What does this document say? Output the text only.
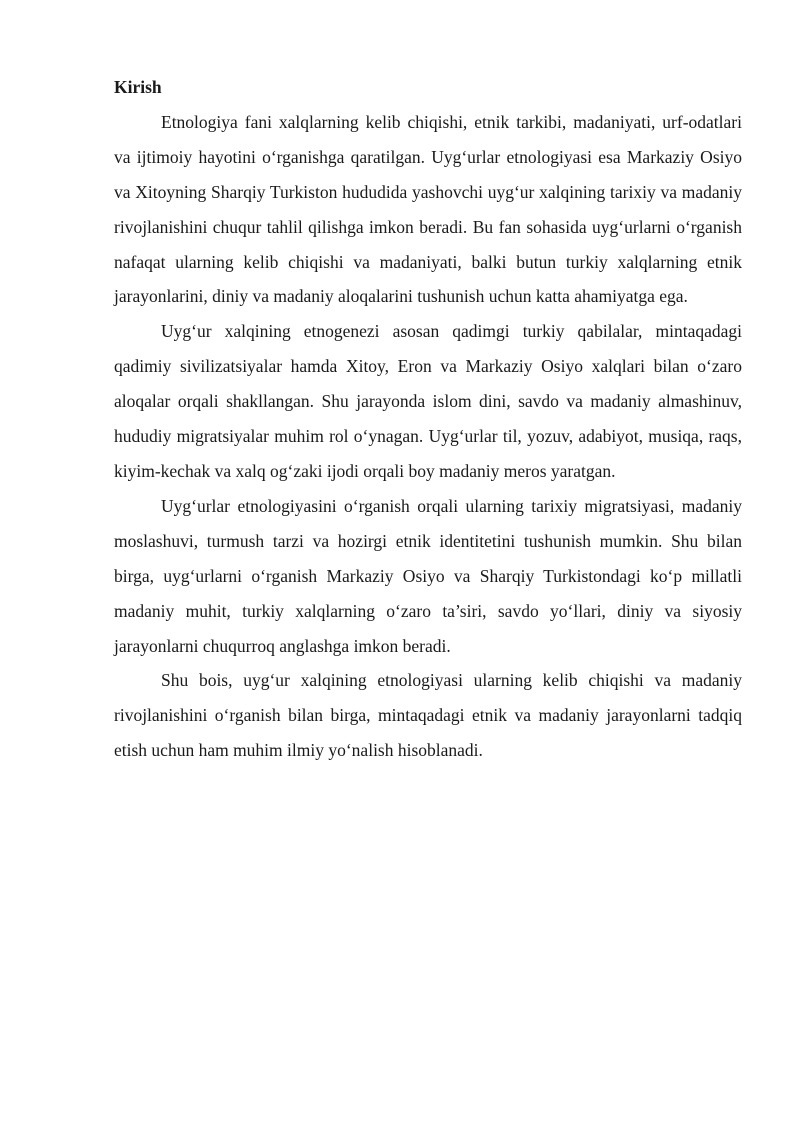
Kirish

Etnologiya fani xalqlarning kelib chiqishi, etnik tarkibi, madaniyati, urf-odatlari va ijtimoiy hayotini o‘rganishga qaratilgan. Uyg‘urlar etnologiyasi esa Markaziy Osiyo va Xitoyning Sharqiy Turkiston hududida yashovchi uyg‘ur xalqining tarixiy va madaniy rivojlanishini chuqur tahlil qilishga imkon beradi. Bu fan sohasida uyg‘urlarni o‘rganish nafaqat ularning kelib chiqishi va madaniyati, balki butun turkiy xalqlarning etnik jarayonlarini, diniy va madaniy aloqalarini tushunish uchun katta ahamiyatga ega.

Uyg‘ur xalqining etnogenezi asosan qadimgi turkiy qabilalar, mintaqadagi qadimiy sivilizatsiyalar hamda Xitoy, Eron va Markaziy Osiyo xalqlari bilan o‘zaro aloqalar orqali shakllangan. Shu jarayonda islom dini, savdo va madaniy almashinuv, hududiy migratsiyalar muhim rol o‘ynagan. Uyg‘urlar til, yozuv, adabiyot, musiqa, raqs, kiyim-kechak va xalq og‘zaki ijodi orqali boy madaniy meros yaratgan.

Uyg‘urlar etnologiyasini o‘rganish orqali ularning tarixiy migratsiyasi, madaniy moslashuvi, turmush tarzi va hozirgi etnik identitetini tushunish mumkin. Shu bilan birga, uyg‘urlarni o‘rganish Markaziy Osiyo va Sharqiy Turkistondagi ko‘p millatli madaniy muhit, turkiy xalqlarning o‘zaro ta’siri, savdo yo‘llari, diniy va siyosiy jarayonlarni chuqurroq anglashga imkon beradi.

Shu bois, uyg‘ur xalqining etnologiyasi ularning kelib chiqishi va madaniy rivojlanishini o‘rganish bilan birga, mintaqadagi etnik va madaniy jarayonlarni tadqiq etish uchun ham muhim ilmiy yo‘nalish hisoblanadi.
